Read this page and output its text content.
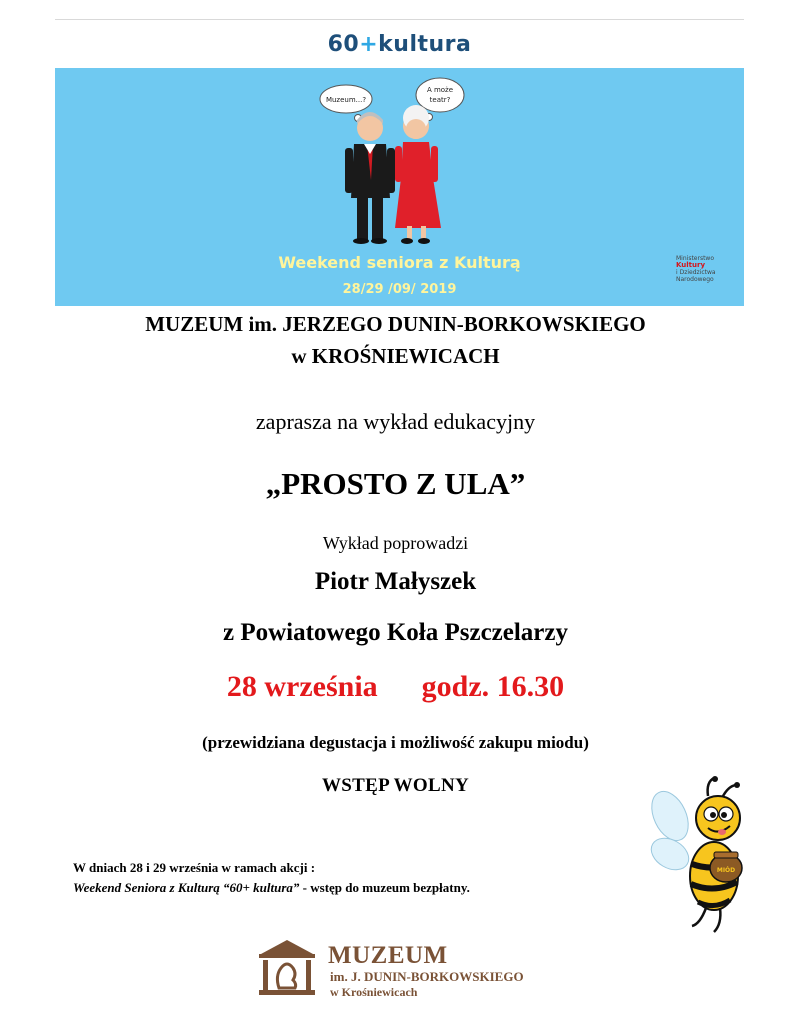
60+kultura
Muzeum...?
A może
teatr?
Weekend seniora z Kulturą
28/29 /09/ 2019
Ministerstwo
Kultury
i Dziedzictwa
Narodowego
MUZEUM im. JERZEGO DUNIN-BORKOWSKIEGO
w KROŚNIEWICACH
zaprasza na wykład edukacyjny
„PROSTO Z ULA”
Wykład poprowadzi
Piotr Małyszek
z Powiatowego Koła Pszczelarzy
28 września godz. 16.30
(przewidziana degustacja i możliwość zakupu miodu)
WSTĘP WOLNY
W dniach 28 i 29 września w ramach akcji :
Weekend Seniora z Kulturą “60+ kultura” - wstęp do muzeum bezpłatny.
MIÓD
MUZEUM
im. J. DUNIN-BORKOWSKIEGO
w Krośniewicach
